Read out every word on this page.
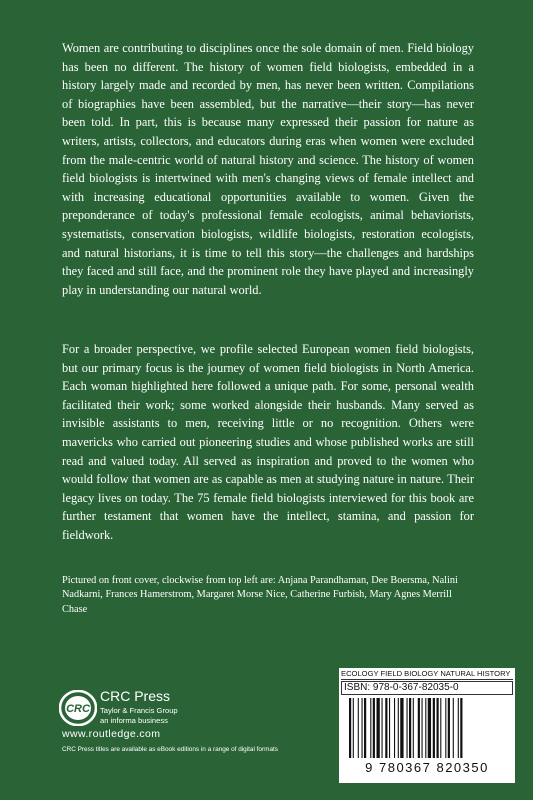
Women are contributing to disciplines once the sole domain of men. Field biology has been no different. The history of women field biologists, embedded in a history largely made and recorded by men, has never been written. Compilations of biographies have been assembled, but the narrative—their story—has never been told. In part, this is because many expressed their passion for nature as writers, artists, collectors, and educators during eras when women were excluded from the male-centric world of natural history and science. The history of women field biologists is intertwined with men's changing views of female intellect and with increasing educational opportunities available to women. Given the preponderance of today's professional female ecologists, animal behaviorists, systematists, conservation biologists, wildlife biologists, restoration ecologists, and natural historians, it is time to tell this story—the challenges and hardships they faced and still face, and the prominent role they have played and increasingly play in understanding our natural world.

For a broader perspective, we profile selected European women field biologists, but our primary focus is the journey of women field biologists in North America. Each woman highlighted here followed a unique path. For some, personal wealth facilitated their work; some worked alongside their husbands. Many served as invisible assistants to men, receiving little or no recognition. Others were mavericks who carried out pioneering studies and whose published works are still read and valued today. All served as inspiration and proved to the women who would follow that women are as capable as men at studying nature in nature. Their legacy lives on today. The 75 female field biologists interviewed for this book are further testament that women have the intellect, stamina, and passion for fieldwork.

Pictured on front cover, clockwise from top left are: Anjana Parandhaman, Dee Boersma, Nalini Nadkarni, Frances Hamerstrom, Margaret Morse Nice, Catherine Furbish, Mary Agnes Merrill Chase

CRC
CRC Press
Taylor & Francis Group
an informa business
www.routledge.com
CRC Press titles are available as eBook editions in a range of digital formats
ECOLOGY FIELD BIOLOGY NATURAL HISTORY
ISBN: 978-0-367-82035-0
9 780367 820350
